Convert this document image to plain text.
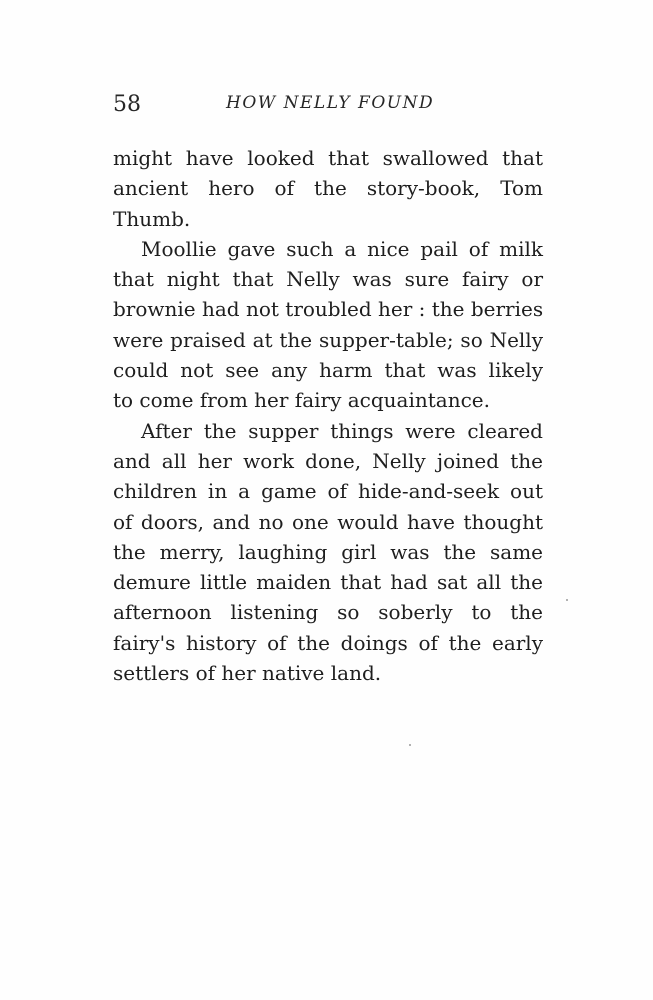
58	HOW NELLY FOUND
might have looked that swallowed that
ancient hero of the story-book, Tom
Thumb.
Moollie gave such a nice pail of milk
that night that Nelly was sure fairy or
brownie had not troubled her : the berries
were praised at the supper-table; so Nelly
could not see any harm that was likely
to come from her fairy acquaintance.
After the supper things were cleared
and all her work done, Nelly joined the
children in a game of hide-and-seek out
of doors, and no one would have thought
the merry, laughing girl was the same
demure little maiden that had sat all the
afternoon listening so soberly to the
fairy's history of the doings of the early
settlers of her native land.
